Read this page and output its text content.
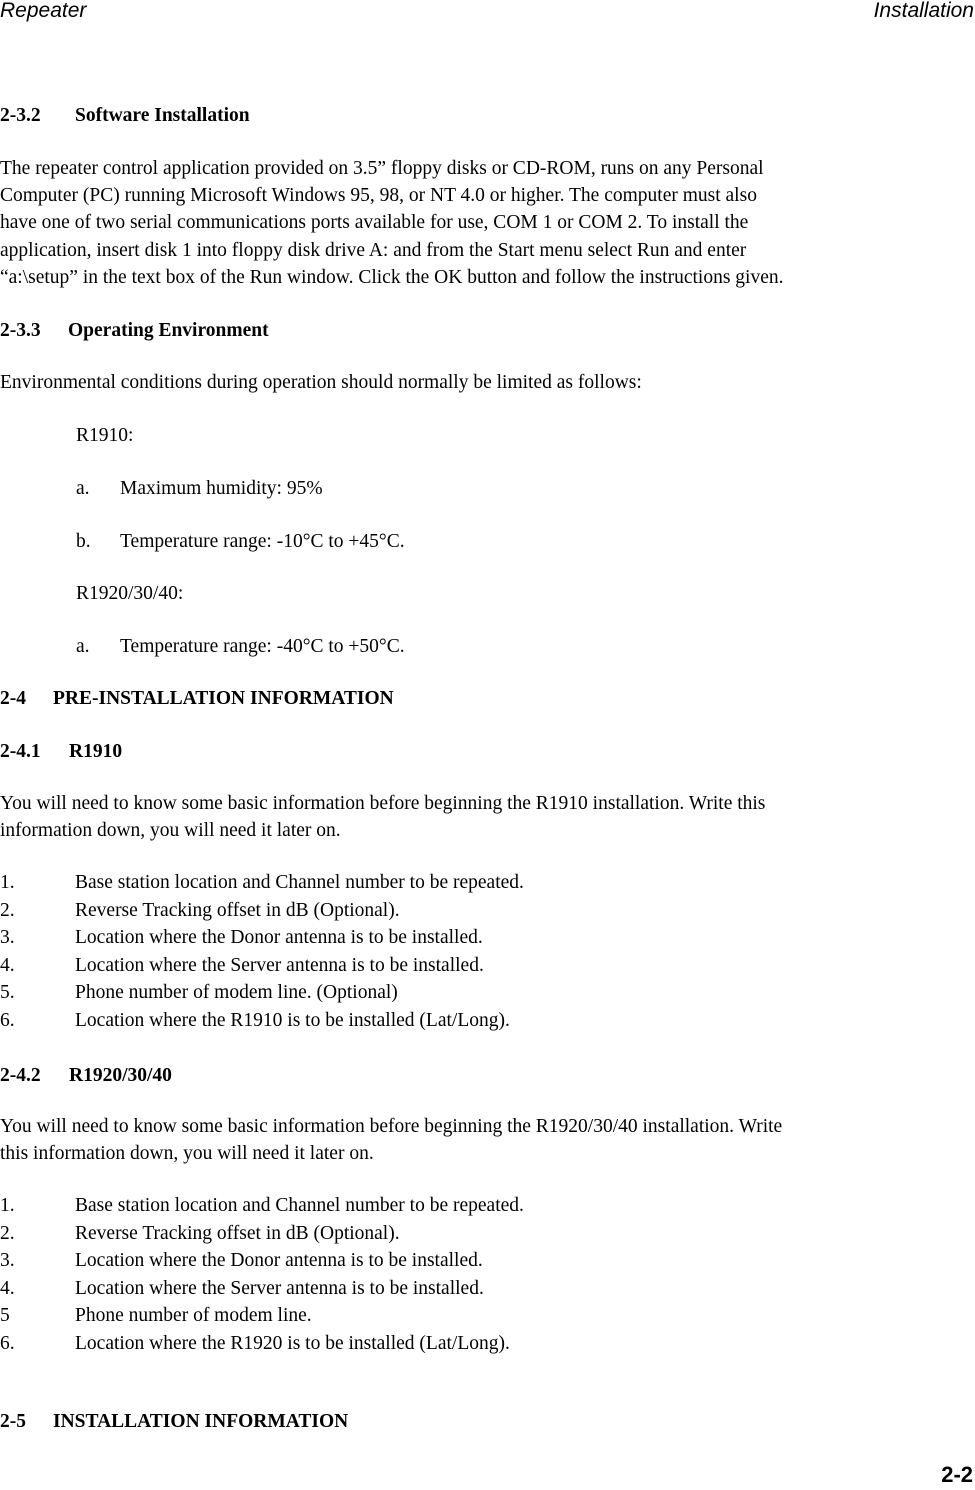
Repeater	Installation
2-3.2 Software Installation
The repeater control application provided on 3.5” floppy disks or CD-ROM, runs on any Personal
Computer (PC) running Microsoft Windows 95, 98, or NT 4.0 or higher. The computer must also
have one of two serial communications ports available for use, COM 1 or COM 2. To install the
application, insert disk 1 into floppy disk drive A: and from the Start menu select Run and enter
“a:\setup” in the text box of the Run window. Click the OK button and follow the instructions given.
2-3.3 Operating Environment
Environmental conditions during operation should normally be limited as follows:
R1910:
a. Maximum humidity: 95%
b. Temperature range: -10°C to +45°C.
R1920/30/40:
a. Temperature range: -40°C to +50°C.
2-4 PRE-INSTALLATION INFORMATION
2-4.1 R1910
You will need to know some basic information before beginning the R1910 installation. Write this
information down, you will need it later on.
1.	Base station location and Channel number to be repeated.
2.	Reverse Tracking offset in dB (Optional).
3.	Location where the Donor antenna is to be installed.
4.	Location where the Server antenna is to be installed.
5.	Phone number of modem line. (Optional)
6.	Location where the R1910 is to be installed (Lat/Long).
2-4.2 R1920/30/40
You will need to know some basic information before beginning the R1920/30/40 installation. Write
this information down, you will need it later on.
1.	Base station location and Channel number to be repeated.
2.	Reverse Tracking offset in dB (Optional).
3.	Location where the Donor antenna is to be installed.
4.	Location where the Server antenna is to be installed.
5	Phone number of modem line.
6.	Location where the R1920 is to be installed (Lat/Long).
2-5 INSTALLATION INFORMATION
2-2
